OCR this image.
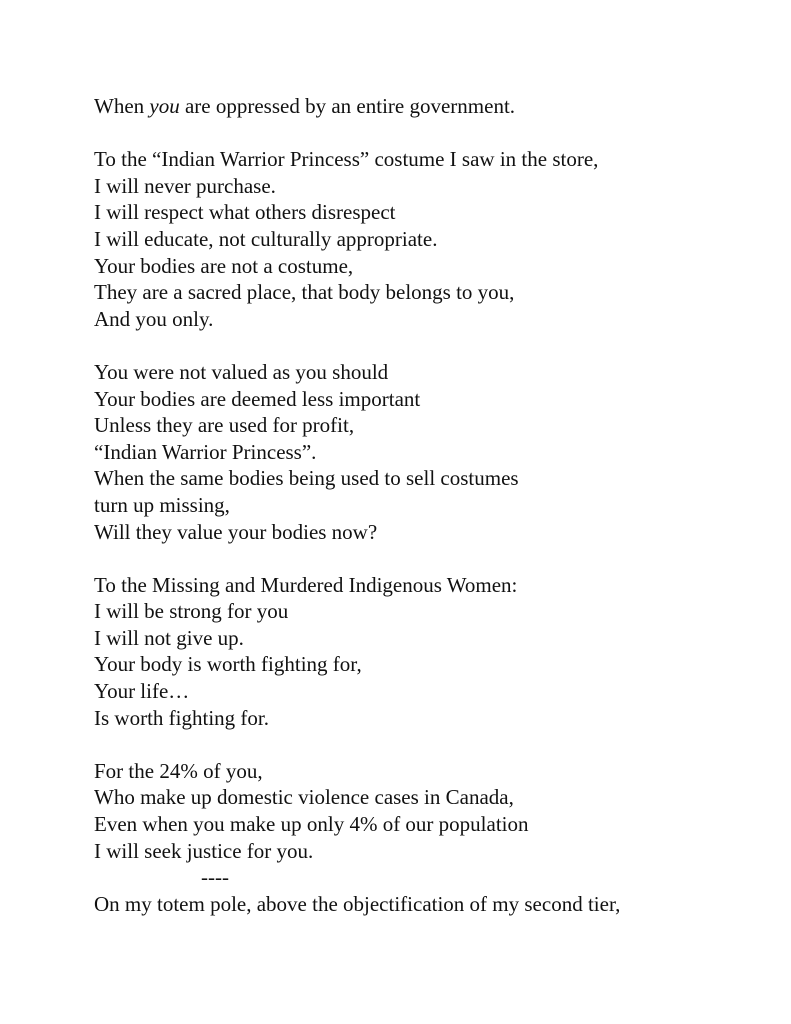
When you are oppressed by an entire government.
To the “Indian Warrior Princess” costume I saw in the store,
I will never purchase.
I will respect what others disrespect
I will educate, not culturally appropriate.
Your bodies are not a costume,
They are a sacred place, that body belongs to you,
And you only.
You were not valued as you should
Your bodies are deemed less important
Unless they are used for profit,
“Indian Warrior Princess”.
When the same bodies being used to sell costumes
turn up missing,
Will they value your bodies now?
To the Missing and Murdered Indigenous Women:
I will be strong for you
I will not give up.
Your body is worth fighting for,
Your life…
Is worth fighting for.
For the 24% of you,
Who make up domestic violence cases in Canada,
Even when you make up only 4% of our population
I will seek justice for you.
----
On my totem pole, above the objectification of my second tier,
